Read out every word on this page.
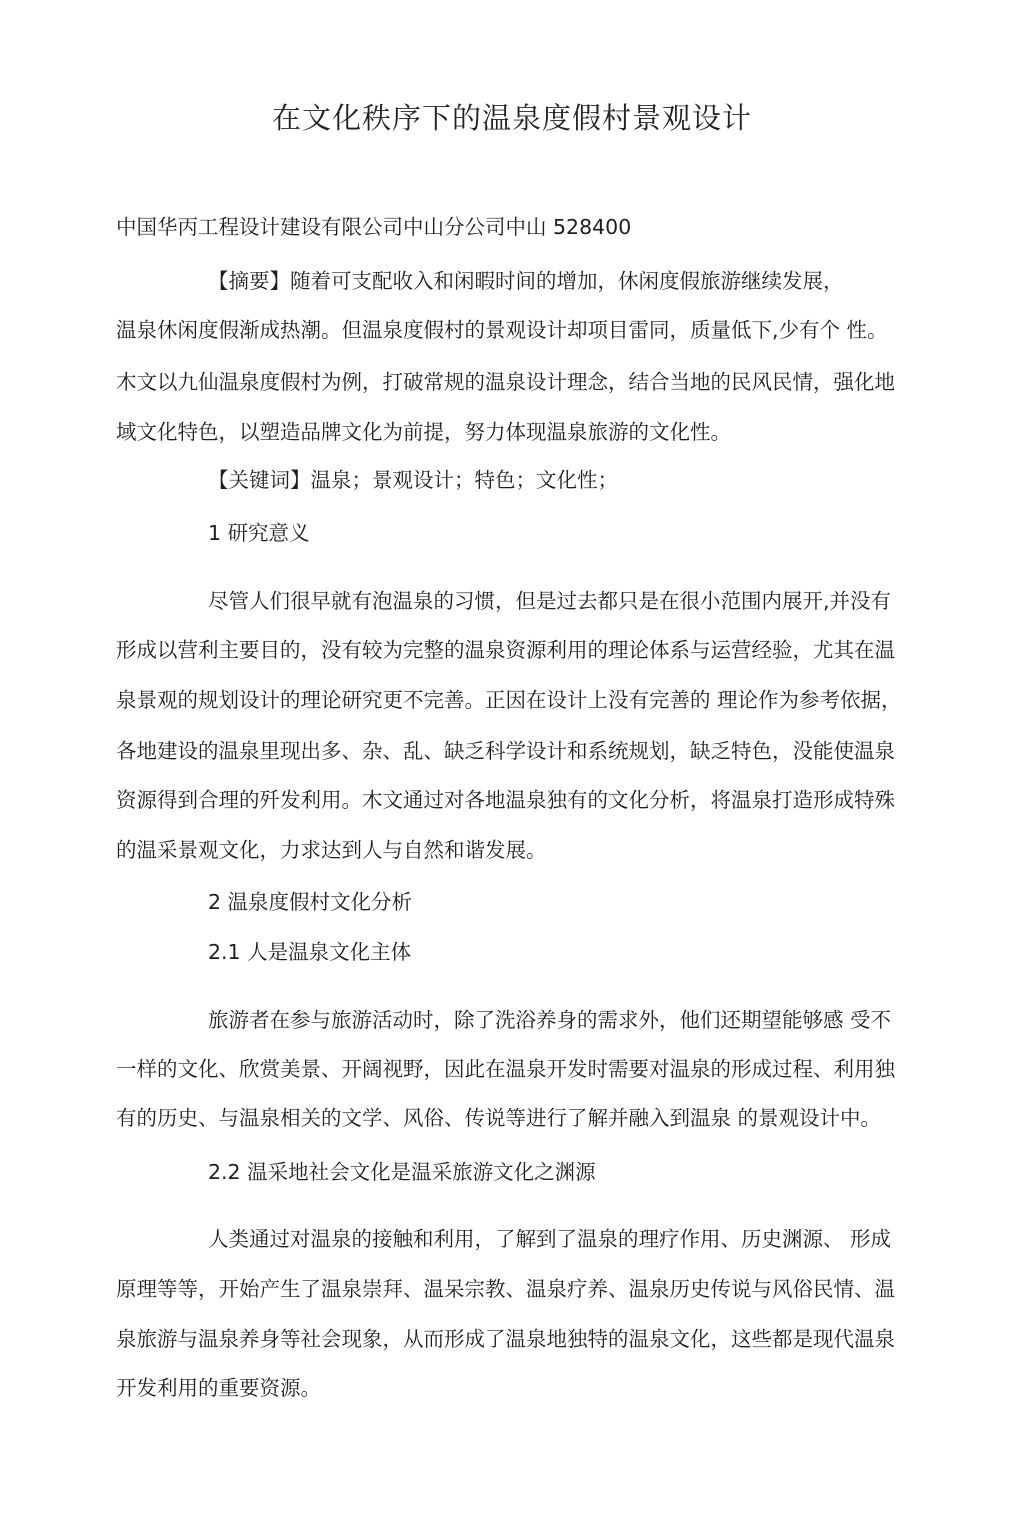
在文化秩序下的温泉度假村景观设计
中国华丙工程设计建设有限公司中山分公司中山 528400
【摘要】随着可支配收入和闲暇时间的增加，休闲度假旅游继续发展，
温泉休闲度假渐成热潮。但温泉度假村的景观设计却项目雷同，质量低下,少有个 性。
木文以九仙温泉度假村为例，打破常规的温泉设计理念，结合当地的民风民情，强化地
域文化特色，以塑造品牌文化为前提，努力体现温泉旅游的文化性。
【关键词】温泉；景观设计；特色；文化性；
1 研究意义
尽管人们很早就有泡温泉的习惯，但是过去都只是在很小范围内展开,并没有
形成以营利主要目的，没有较为完整的温泉资源利用的理论体系与运营经验，尤其在温
泉景观的规划设计的理论研究更不完善。正因在设计上没有完善的 理论作为参考依据，
各地建设的温泉里现出多、杂、乱、缺乏科学设计和系统规划，缺乏特色，没能使温泉
资源得到合理的歼发利用。木文通过对各地温泉独有的文化分析，将温泉打造形成特殊
的温采景观文化，力求达到人与自然和谐发展。
2 温泉度假村文化分析
2.1 人是温泉文化主体
旅游者在参与旅游活动时，除了洗浴养身的需求外，他们还期望能够感 受不
一样的文化、欣赏美景、开阔视野，因此在温泉开发时需要对温泉的形成过程、利用独
有的历史、与温泉相关的文学、风俗、传说等进行了解并融入到温泉 的景观设计中。
2.2 温采地社会文化是温采旅游文化之渊源
人类通过对温泉的接触和利用，了解到了温泉的理疗作用、历史渊源、 形成
原理等等，开始产生了温泉崇拜、温呆宗教、温泉疗养、温泉历史传说与风俗民情、温
泉旅游与温泉养身等社会现象，从而形成了温泉地独特的温泉文化，这些都是现代温泉
开发利用的重要资源。
